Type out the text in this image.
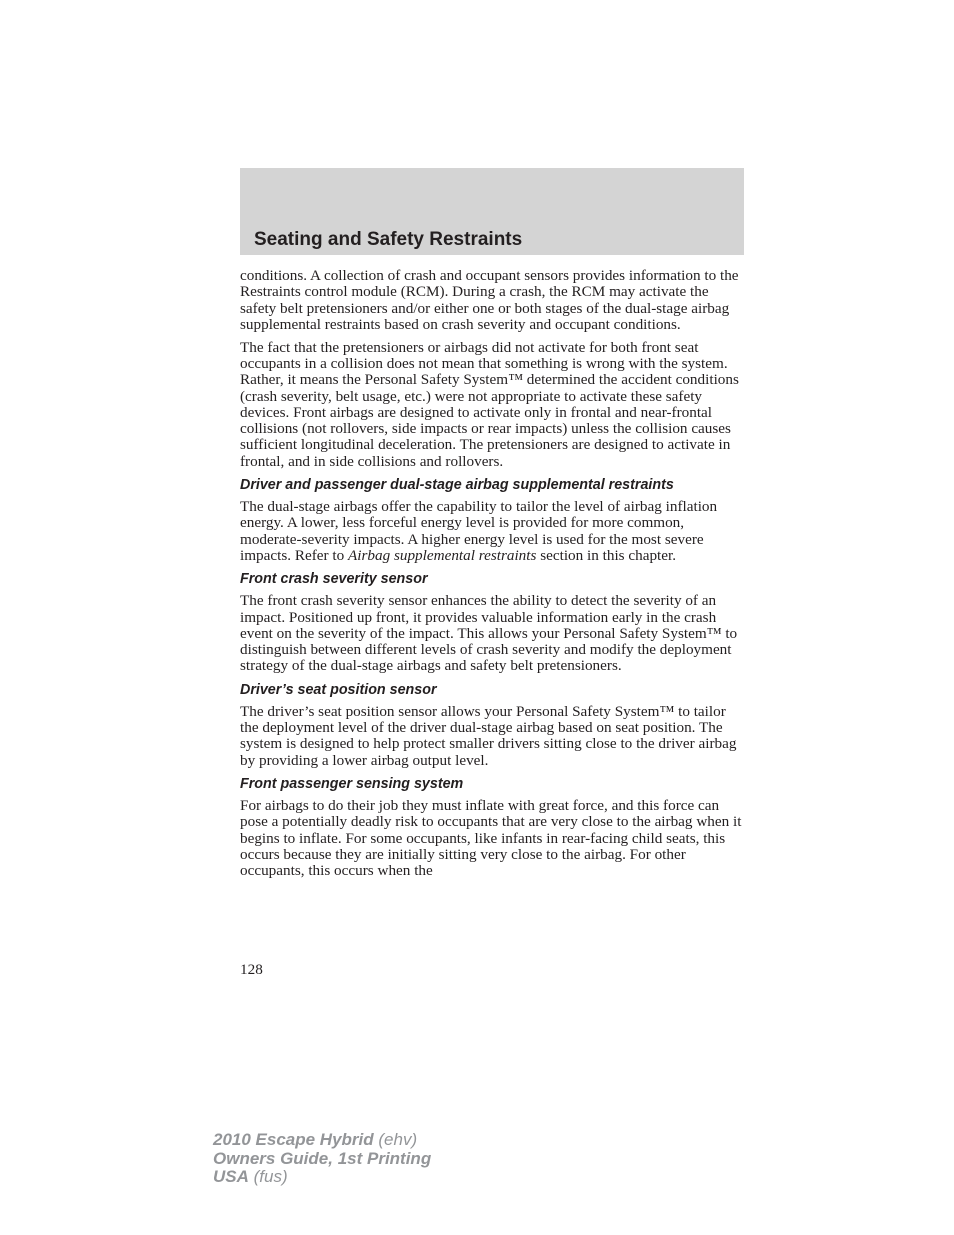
Seating and Safety Restraints

conditions. A collection of crash and occupant sensors provides information to the Restraints control module (RCM). During a crash, the RCM may activate the safety belt pretensioners and/or either one or both stages of the dual-stage airbag supplemental restraints based on crash severity and occupant conditions.

The fact that the pretensioners or airbags did not activate for both front seat occupants in a collision does not mean that something is wrong with the system. Rather, it means the Personal Safety System™ determined the accident conditions (crash severity, belt usage, etc.) were not appropriate to activate these safety devices. Front airbags are designed to activate only in frontal and near-frontal collisions (not rollovers, side impacts or rear impacts) unless the collision causes sufficient longitudinal deceleration. The pretensioners are designed to activate in frontal, and in side collisions and rollovers.

Driver and passenger dual-stage airbag supplemental restraints

The dual-stage airbags offer the capability to tailor the level of airbag inflation energy. A lower, less forceful energy level is provided for more common, moderate-severity impacts. A higher energy level is used for the most severe impacts. Refer to Airbag supplemental restraints section in this chapter.

Front crash severity sensor

The front crash severity sensor enhances the ability to detect the severity of an impact. Positioned up front, it provides valuable information early in the crash event on the severity of the impact. This allows your Personal Safety System™ to distinguish between different levels of crash severity and modify the deployment strategy of the dual-stage airbags and safety belt pretensioners.

Driver’s seat position sensor

The driver’s seat position sensor allows your Personal Safety System™ to tailor the deployment level of the driver dual-stage airbag based on seat position. The system is designed to help protect smaller drivers sitting close to the driver airbag by providing a lower airbag output level.

Front passenger sensing system

For airbags to do their job they must inflate with great force, and this force can pose a potentially deadly risk to occupants that are very close to the airbag when it begins to inflate. For some occupants, like infants in rear-facing child seats, this occurs because they are initially sitting very close to the airbag. For other occupants, this occurs when the

128
2010 Escape Hybrid (ehv)
Owners Guide, 1st Printing
USA (fus)
